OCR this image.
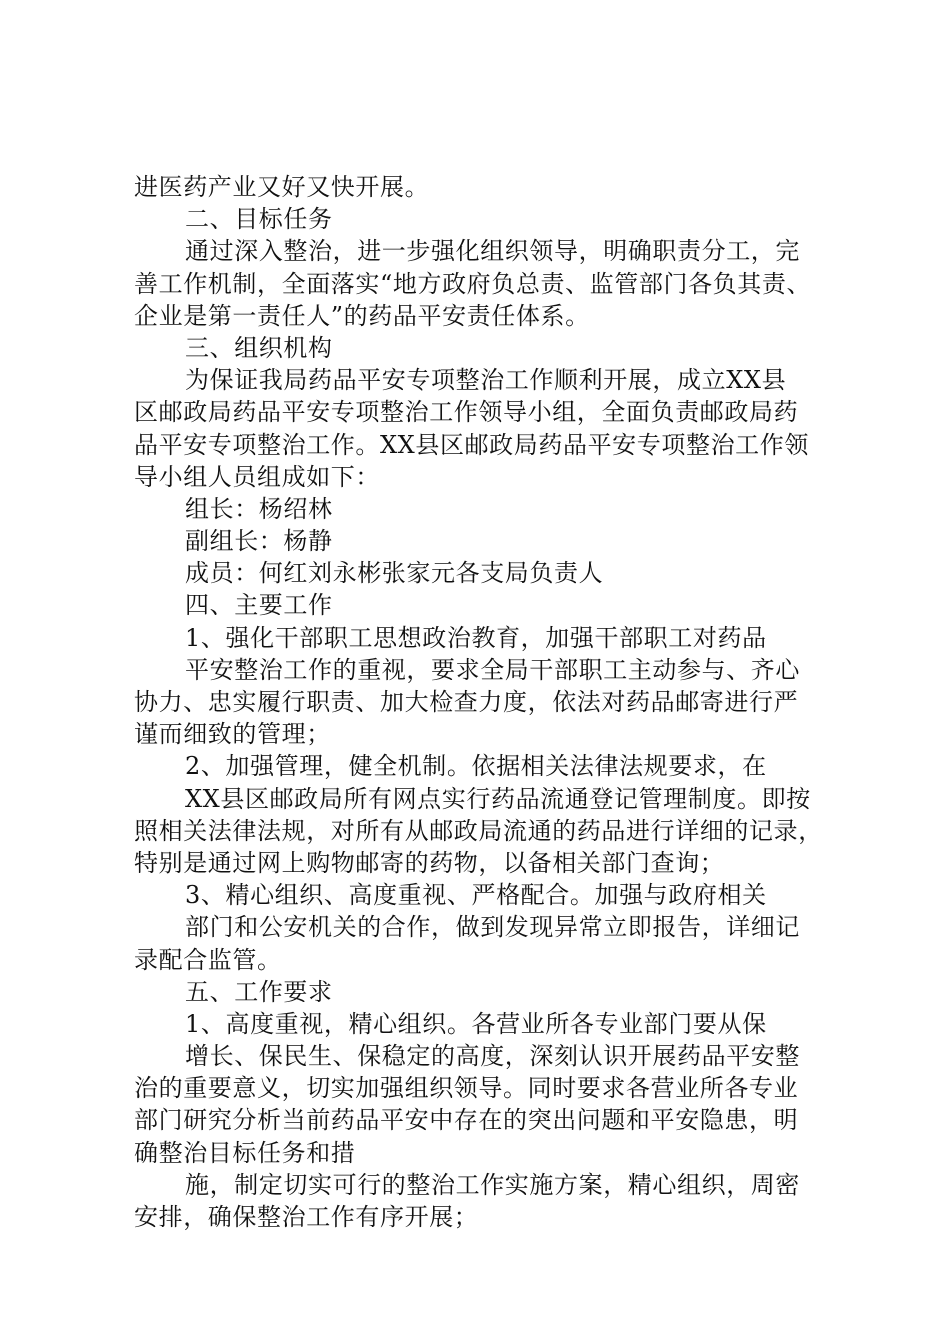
进医药产业又好又快开展。
二、目标任务
通过深入整治，进一步强化组织领导，明确职责分工，完
善工作机制，全面落实“地方政府负总责、监管部门各负其责、
企业是第一责任人”的药品平安责任体系。
三、组织机构
为保证我局药品平安专项整治工作顺利开展，成立XX县
区邮政局药品平安专项整治工作领导小组，全面负责邮政局药
品平安专项整治工作。XX县区邮政局药品平安专项整治工作领
导小组人员组成如下：
组长：杨绍林
副组长：杨静
成员：何红刘永彬张家元各支局负责人
四、主要工作
1、强化干部职工思想政治教育，加强干部职工对药品
平安整治工作的重视，要求全局干部职工主动参与、齐心
协力、忠实履行职责、加大检查力度，依法对药品邮寄进行严
谨而细致的管理；
2、加强管理，健全机制。依据相关法律法规要求，在
XX县区邮政局所有网点实行药品流通登记管理制度。即按
照相关法律法规，对所有从邮政局流通的药品进行详细的记录，
特别是通过网上购物邮寄的药物，以备相关部门查询；
3、精心组织、高度重视、严格配合。加强与政府相关
部门和公安机关的合作，做到发现异常立即报告，详细记
录配合监管。
五、工作要求
1、高度重视，精心组织。各营业所各专业部门要从保
增长、保民生、保稳定的高度，深刻认识开展药品平安整
治的重要意义，切实加强组织领导。同时要求各营业所各专业
部门研究分析当前药品平安中存在的突出问题和平安隐患，明
确整治目标任务和措
施，制定切实可行的整治工作实施方案，精心组织，周密
安排，确保整治工作有序开展；
